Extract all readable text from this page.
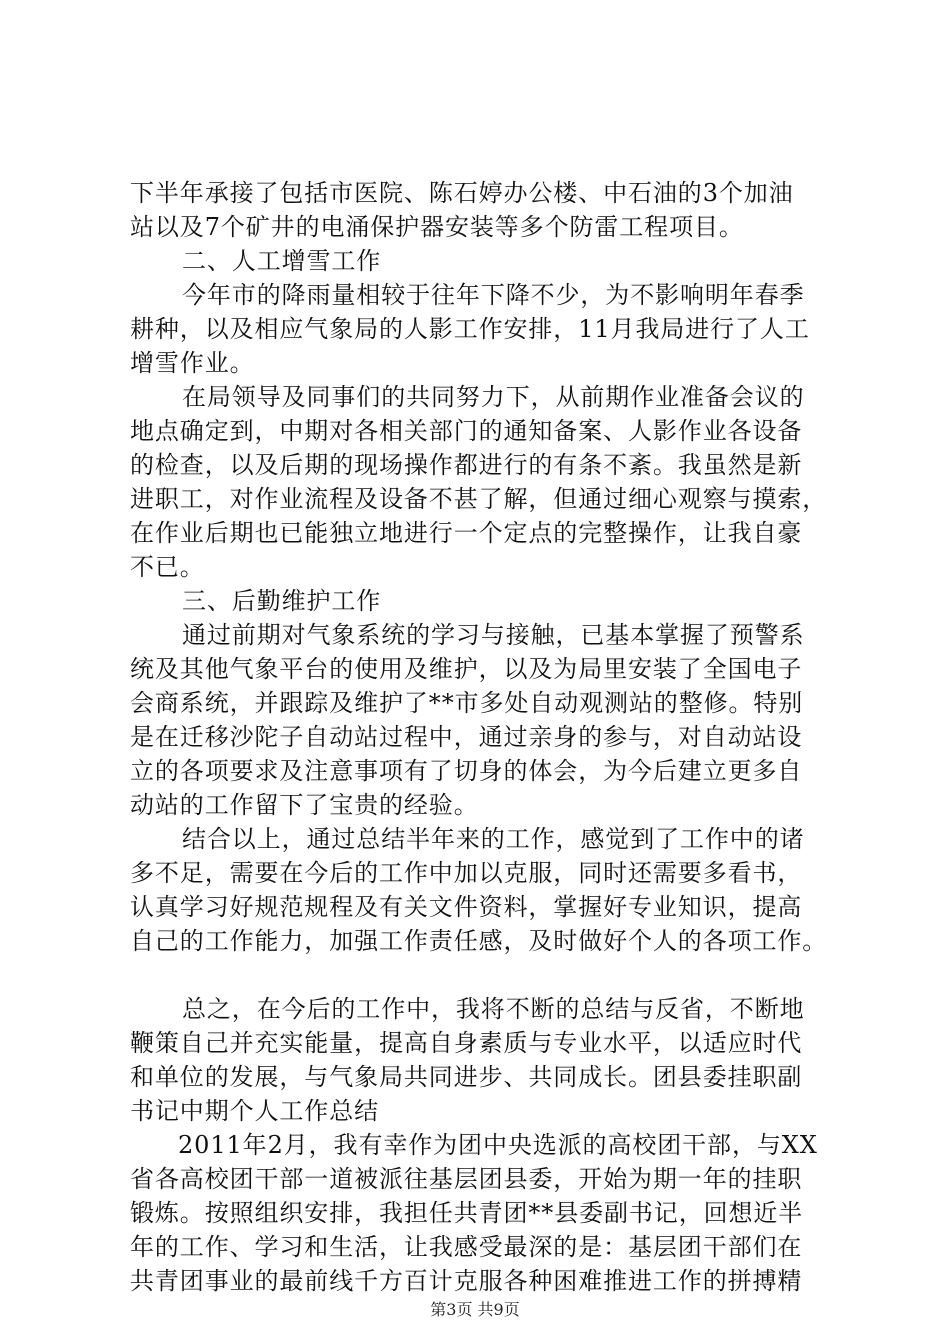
下半年承接了包括市医院、陈石婷办公楼、中石油的3个加油
站以及7个矿井的电涌保护器安装等多个防雷工程项目。
二、人工增雪工作
今年市的降雨量相较于往年下降不少，为不影响明年春季
耕种，以及相应气象局的人影工作安排，11月我局进行了人工
增雪作业。
在局领导及同事们的共同努力下，从前期作业准备会议的
地点确定到，中期对各相关部门的通知备案、人影作业各设备
的检查，以及后期的现场操作都进行的有条不紊。我虽然是新
进职工，对作业流程及设备不甚了解，但通过细心观察与摸索，
在作业后期也已能独立地进行一个定点的完整操作，让我自豪
不已。
三、后勤维护工作
通过前期对气象系统的学习与接触，已基本掌握了预警系
统及其他气象平台的使用及维护，以及为局里安装了全国电子
会商系统，并跟踪及维护了**市多处自动观测站的整修。特别
是在迁移沙陀子自动站过程中，通过亲身的参与，对自动站设
立的各项要求及注意事项有了切身的体会，为今后建立更多自
动站的工作留下了宝贵的经验。
结合以上，通过总结半年来的工作，感觉到了工作中的诸
多不足，需要在今后的工作中加以克服，同时还需要多看书，
认真学习好规范规程及有关文件资料，掌握好专业知识，提高
自己的工作能力，加强工作责任感，及时做好个人的各项工作。
总之，在今后的工作中，我将不断的总结与反省，不断地
鞭策自己并充实能量，提高自身素质与专业水平，以适应时代
和单位的发展，与气象局共同进步、共同成长。团县委挂职副
书记中期个人工作总结
2011年2月，我有幸作为团中央选派的高校团干部，与XX
省各高校团干部一道被派往基层团县委，开始为期一年的挂职
锻炼。按照组织安排，我担任共青团**县委副书记，回想近半
年的工作、学习和生活，让我感受最深的是：基层团干部们在
共青团事业的最前线千方百计克服各种困难推进工作的拼搏精
第3页 共9页
